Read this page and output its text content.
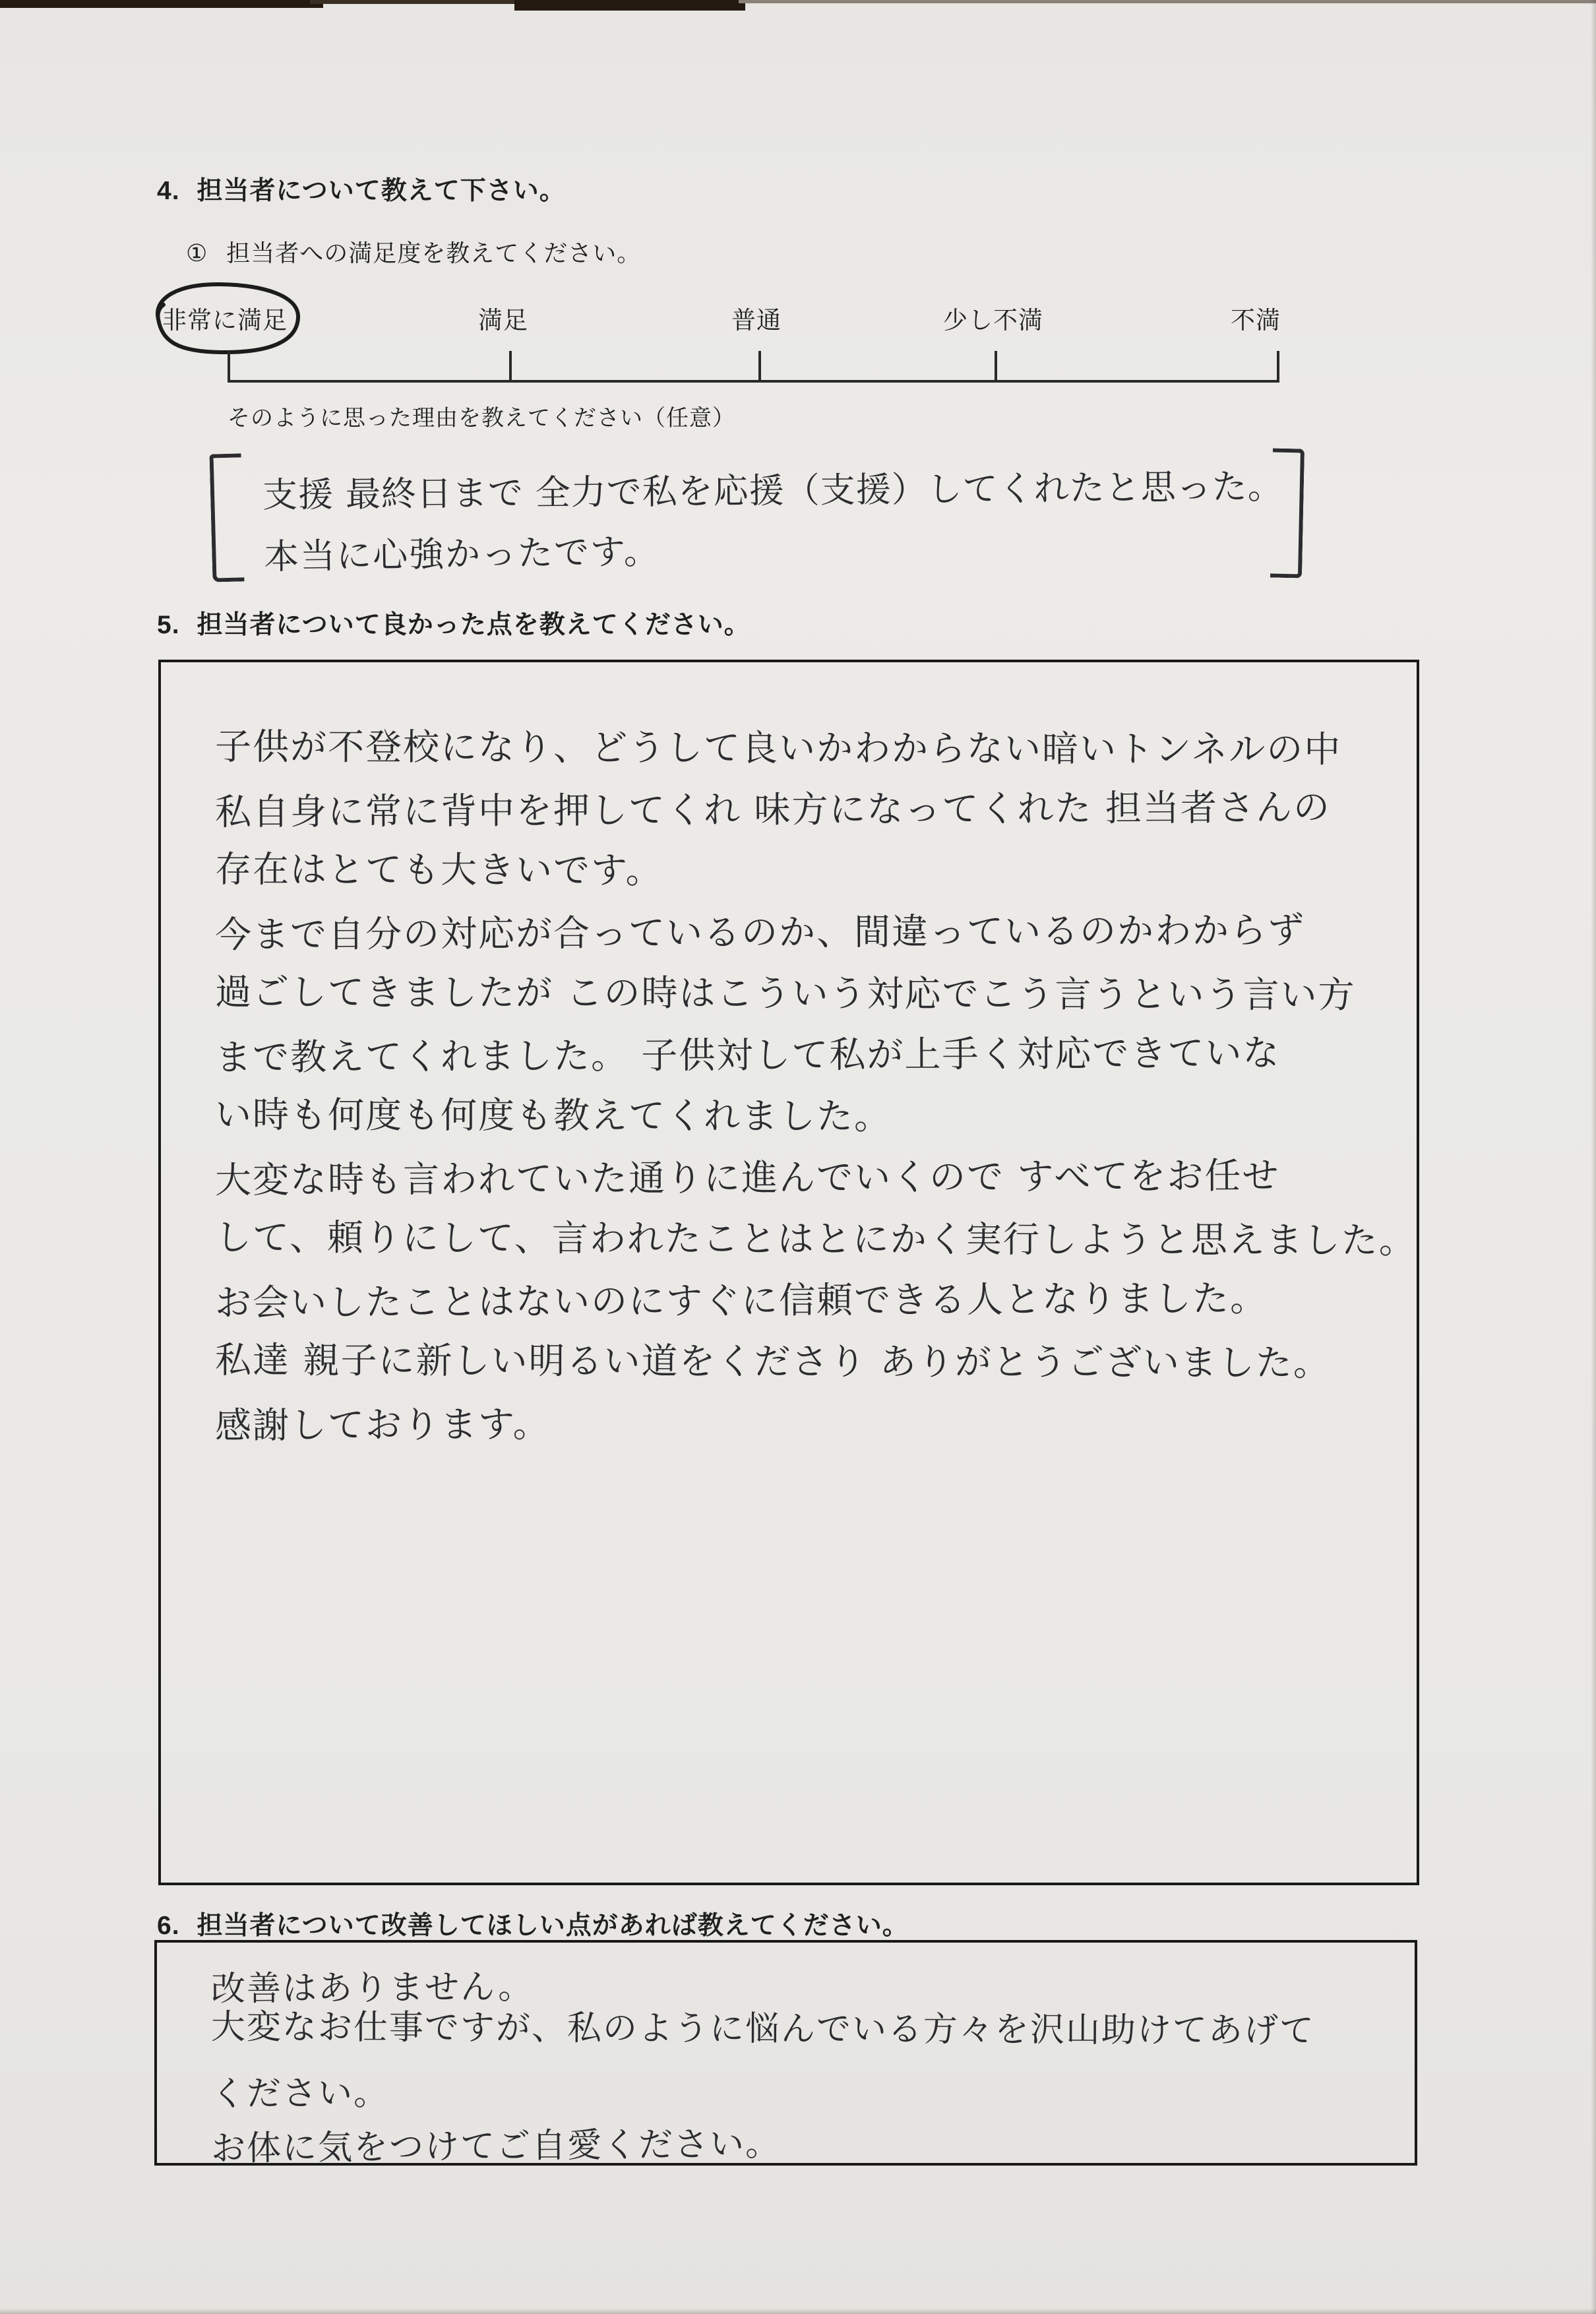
4. 担当者について教えて下さい。
① 担当者への満足度を教えてください。
非常に満足	満足	普通	少し不満	不満
そのように思った理由を教えてください（任意）
支援 最終日まで 全力で私を応援（支援）してくれたと思った。
本当に心強かったです。
5. 担当者について良かった点を教えてください。
子供が不登校になり、どうして良いかわからない暗いトンネルの中
私自身に常に背中を押してくれ 味方になってくれた 担当者さんの
存在はとても大きいです。
今まで自分の対応が合っているのか、間違っているのかわからず
過ごしてきましたが この時はこういう対応でこう言うという言い方
まで教えてくれました。 子供対して私が上手く対応できていな
い時も何度も何度も教えてくれました。
大変な時も言われていた通りに進んでいくので すべてをお任せ
して、頼りにして、言われたことはとにかく実行しようと思えました。
お会いしたことはないのにすぐに信頼できる人となりました。
私達 親子に新しい明るい道をくださり ありがとうございました。
感謝しております。
6. 担当者について改善してほしい点があれば教えてください。
改善はありません。
大変なお仕事ですが、私のように悩んでいる方々を沢山助けてあげて
ください。
お体に気をつけてご自愛ください。
